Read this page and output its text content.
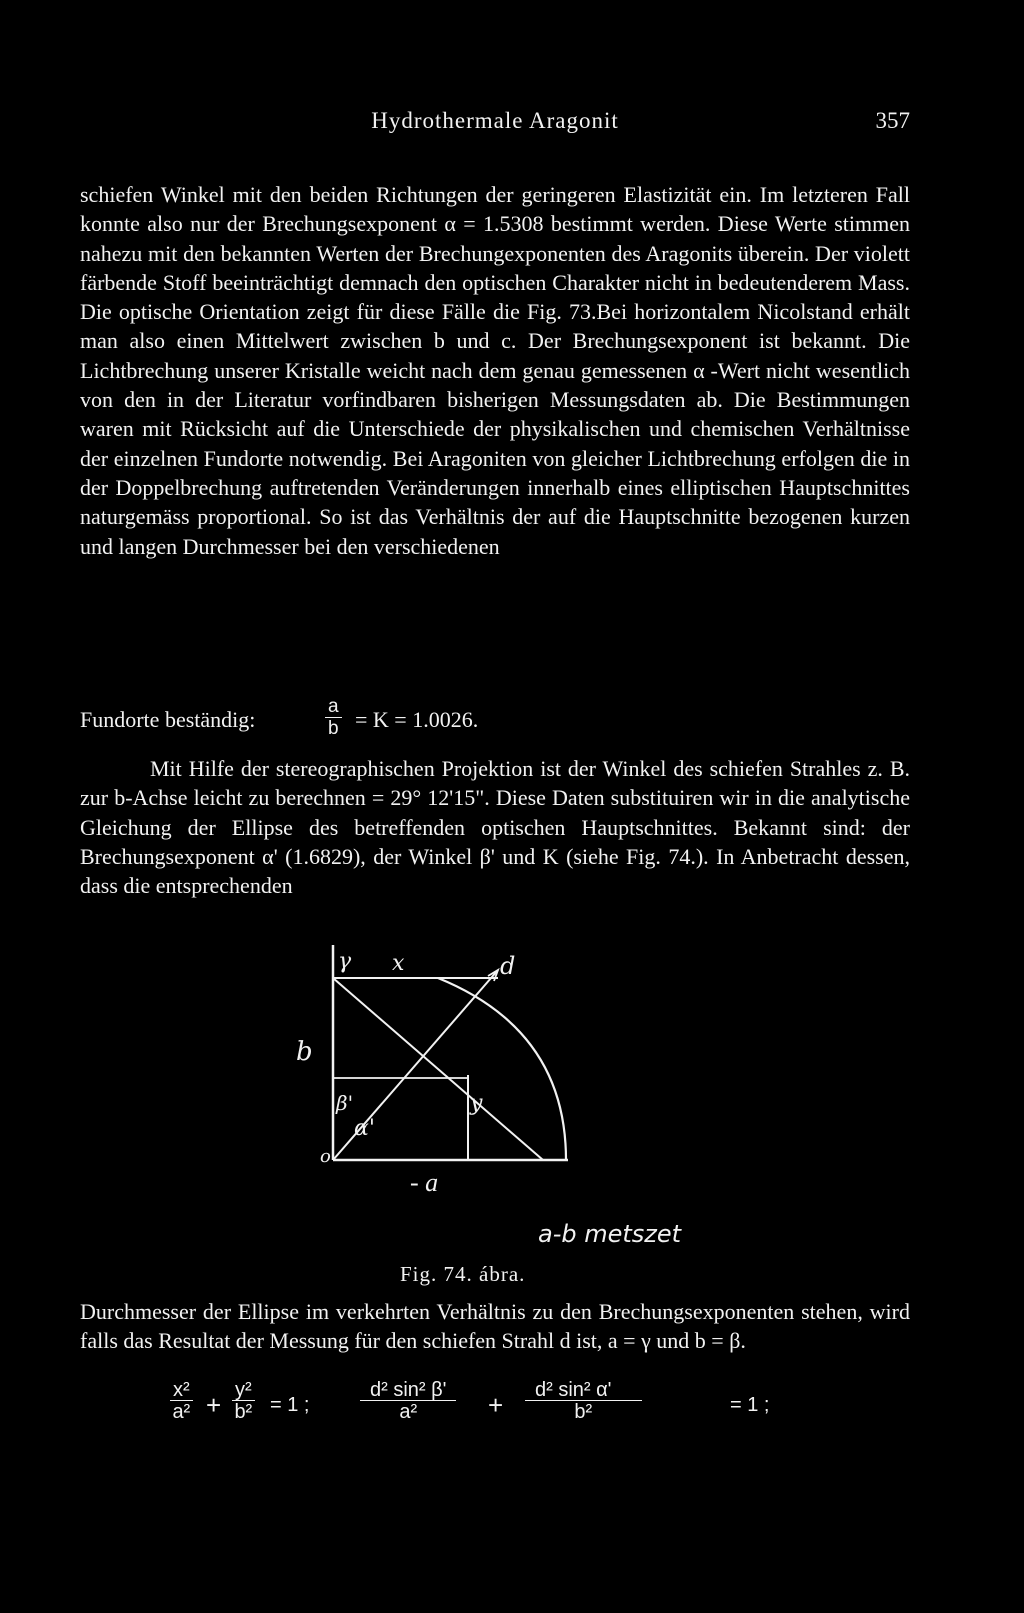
Hydrothermale Aragonit	357
schiefen Winkel mit den beiden Richtungen der geringeren Elastizität ein. Im letzteren Fall konnte also nur der Brechungsexponent α = 1.5308 bestimmt werden. Diese Werte stimmen nahezu mit den bekannten Werten der Brechungexponenten des Aragonits überein. Der violett färbende Stoff beeinträchtigt demnach den optischen Charakter nicht in bedeutenderem Mass. Die optische Orientation zeigt für diese Fälle die Fig. 73.Bei horizontalem Nicolstand erhält man also einen Mittelwert zwischen b und c. Der Brechungsexponent ist bekannt. Die Lichtbrechung unserer Kristalle weicht nach dem genau gemessenen α -Wert nicht wesentlich von den in der Literatur vorfindbaren bisherigen Messungsdaten ab. Die Bestimmungen waren mit Rücksicht auf die Unterschiede der physikalischen und chemischen Verhältnisse der einzelnen Fundorte notwendig. Bei Aragoniten von gleicher Lichtbrechung erfolgen die in der Doppelbrechung auftretenden Veränderungen innerhalb eines elliptischen Hauptschnittes naturgemäss proportional. So ist das Verhältnis der auf die Hauptschnitte bezogenen kurzen und langen Durchmesser bei den verschiedenen
Fundorte beständig:	$\frac{a}{b} = K = 1.0026$.
Mit Hilfe der stereographischen Projektion ist der Winkel des schiefen Strahles z. B. zur b-Achse leicht zu berechnen = 29° 12'15". Diese Daten substituiren wir in die analytische Gleichung der Ellipse des betreffenden optischen Hauptschnittes. Bekannt sind: der Brechungsexponent α' (1.6829), der Winkel β' und K (siehe Fig. 74.). In Anbetracht dessen, dass die entsprechenden
γ x	d
b
β'
α'
y
o
- a
a-b metszet
Fig. 74. ábra.
Durchmesser der Ellipse im verkehrten Verhältnis zu den Brechungsexponenten stehen, wird falls das Resultat der Messung für den schiefen Strahl d ist, a = γ und b = β.
$\frac{\text{x²}}{\text{a²}} + \frac{\text{y²}}{\text{b²}} = 1$ ;	$\frac{\text{d² sin² β'}}{\text{a²}} + \frac{\text{d² sin² α'}}{\text{b²}}$	= 1 ;
